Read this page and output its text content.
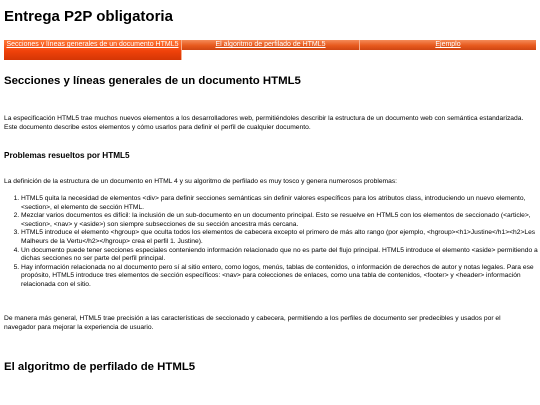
Entrega P2P obligatoria
Secciones y líneas generales de un documento HTML5	El algoritmo de perfilado de HTML5	Ejemplo
Secciones y líneas generales de un documento HTML5

La especificación HTML5 trae muchos nuevos elementos a los desarrolladores web, permitiéndoles describir la estructura de un documento web con semántica estandarizada. Este documento describe estos elementos y cómo usarlos para definir el perfil de cualquier documento.

Problemas resueltos por HTML5

La definición de la estructura de un documento en HTML 4 y su algoritmo de perfilado es muy tosco y genera numerosos problemas:

1. HTML5 quita la necesidad de elementos <div> para definir secciones semánticas sin definir valores específicos para los atributos class, introduciendo un nuevo elemento, <section>, el elemento de sección HTML.
2. Mezclar varios documentos es difícil: la inclusión de un sub-documento en un documento principal. Esto se resuelve en HTML5 con los elementos de seccionado (<article>, <section>, <nav> y <aside>) son siempre subsecciones de su sección ancestra más cercana.
3. HTML5 introduce el elemento <hgroup> que oculta todos los elementos de cabecera excepto el primero de más alto rango (por ejemplo, <hgroup><h1>Justine</h1><h2>Les Malheurs de la Vertu</h2></hgroup> crea el perfil 1. Justine).
4. Un documento puede tener secciones especiales conteniendo información relacionado que no es parte del flujo principal. HTML5 introduce el elemento <aside> permitiendo a dichas secciones no ser parte del perfil principal.
5. Hay información relacionada no al documento pero sí al sitio entero, como logos, menús, tablas de contenidos, o información de derechos de autor y notas legales. Para ese propósito, HTML5 introduce tres elementos de sección específicos: <nav> para colecciones de enlaces, como una tabla de contenidos, <footer> y <header> información relacionada con el sitio.

De manera más general, HTML5 trae precisión a las características de seccionado y cabecera, permitiendo a los perfiles de documento ser predecibles y usados por el navegador para mejorar la experiencia de usuario.

El algoritmo de perfilado de HTML5
